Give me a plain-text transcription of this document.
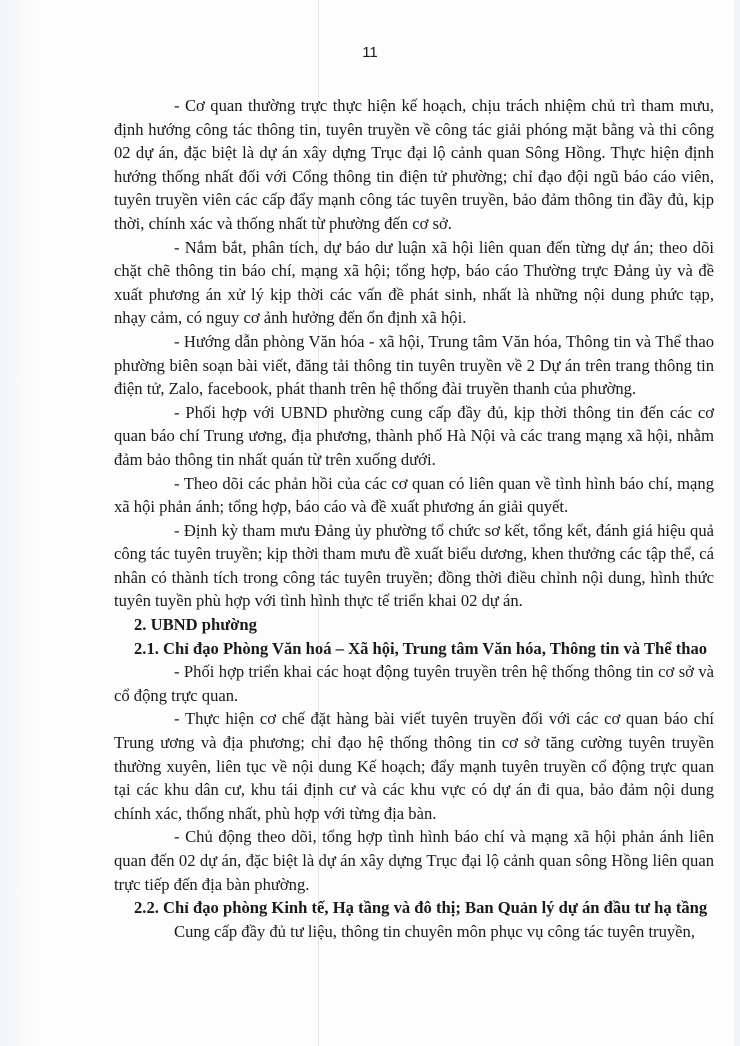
11

- Cơ quan thường trực thực hiện kế hoạch, chịu trách nhiệm chủ trì tham mưu, định hướng công tác thông tin, tuyên truyền về công tác giải phóng mặt bằng và thi công 02 dự án, đặc biệt là dự án xây dựng Trục đại lộ cảnh quan Sông Hồng. Thực hiện định hướng thống nhất đối với Cổng thông tin điện tử phường; chỉ đạo đội ngũ báo cáo viên, tuyên truyền viên các cấp đẩy mạnh công tác tuyên truyền, bảo đảm thông tin đầy đủ, kịp thời, chính xác và thống nhất từ phường đến cơ sở.

- Nắm bắt, phân tích, dự báo dư luận xã hội liên quan đến từng dự án; theo dõi chặt chẽ thông tin báo chí, mạng xã hội; tổng hợp, báo cáo Thường trực Đảng ủy và đề xuất phương án xử lý kịp thời các vấn đề phát sinh, nhất là những nội dung phức tạp, nhạy cảm, có nguy cơ ảnh hưởng đến ổn định xã hội.

- Hướng dẫn phòng Văn hóa - xã hội, Trung tâm Văn hóa, Thông tin và Thể thao phường biên soạn bài viết, đăng tải thông tin tuyên truyền về 2 Dự án trên trang thông tin điện tử, Zalo, facebook, phát thanh trên hệ thống đài truyền thanh của phường.

- Phối hợp với UBND phường cung cấp đầy đủ, kịp thời thông tin đến các cơ quan báo chí Trung ương, địa phương, thành phố Hà Nội và các trang mạng xã hội, nhằm đảm bảo thông tin nhất quán từ trên xuống dưới.

- Theo dõi các phản hồi của các cơ quan có liên quan về tình hình báo chí, mạng xã hội phản ánh; tổng hợp, báo cáo và đề xuất phương án giải quyết.

- Định kỳ tham mưu Đảng ủy phường tổ chức sơ kết, tổng kết, đánh giá hiệu quả công tác tuyên truyền; kịp thời tham mưu đề xuất biểu dương, khen thưởng các tập thể, cá nhân có thành tích trong công tác tuyên truyền; đồng thời điều chỉnh nội dung, hình thức tuyên tuyền phù hợp với tình hình thực tế triển khai 02 dự án.

2. UBND phường

2.1. Chỉ đạo Phòng Văn hoá – Xã hội, Trung tâm Văn hóa, Thông tin và Thể thao

- Phối hợp triển khai các hoạt động tuyên truyền trên hệ thống thông tin cơ sở và cổ động trực quan.

- Thực hiện cơ chế đặt hàng bài viết tuyên truyền đối với các cơ quan báo chí Trung ương và địa phương; chỉ đạo hệ thống thông tin cơ sở tăng cường tuyên truyền thường xuyên, liên tục về nội dung Kế hoạch; đẩy mạnh tuyên truyền cổ động trực quan tại các khu dân cư, khu tái định cư và các khu vực có dự án đi qua, bảo đảm nội dung chính xác, thống nhất, phù hợp với từng địa bàn.

- Chủ động theo dõi, tổng hợp tình hình báo chí và mạng xã hội phản ánh liên quan đến 02 dự án, đặc biệt là dự án xây dựng Trục đại lộ cảnh quan sông Hồng liên quan trực tiếp đến địa bàn phường.

2.2. Chỉ đạo phòng Kinh tế, Hạ tầng và đô thị; Ban Quản lý dự án đầu tư hạ tầng

Cung cấp đầy đủ tư liệu, thông tin chuyên môn phục vụ công tác tuyên truyền,
